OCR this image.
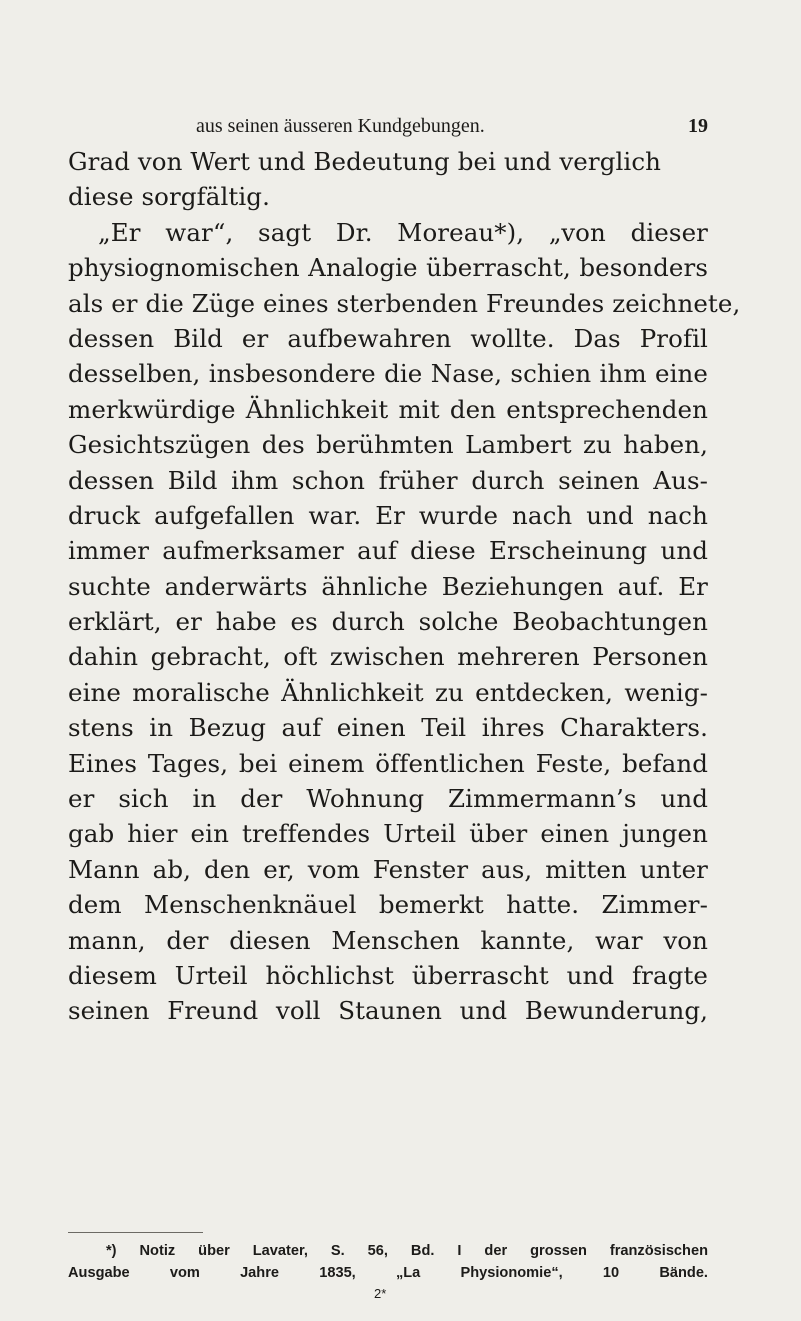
aus seinen äusseren Kundgebungen.	19
Grad von Wert und Bedeutung bei und verglich
diese sorgfältig.
„Er war“, sagt Dr. Moreau*), „von dieser
physiognomischen Analogie überrascht, besonders
als er die Züge eines sterbenden Freundes zeichnete,
dessen Bild er aufbewahren wollte. Das Profil
desselben, insbesondere die Nase, schien ihm eine
merkwürdige Ähnlichkeit mit den entsprechenden
Gesichtszügen des berühmten Lambert zu haben,
dessen Bild ihm schon früher durch seinen Aus-
druck aufgefallen war. Er wurde nach und nach
immer aufmerksamer auf diese Erscheinung und
suchte anderwärts ähnliche Beziehungen auf. Er
erklärt, er habe es durch solche Beobachtungen
dahin gebracht, oft zwischen mehreren Personen
eine moralische Ähnlichkeit zu entdecken, wenig-
stens in Bezug auf einen Teil ihres Charakters.
Eines Tages, bei einem öffentlichen Feste, befand
er sich in der Wohnung Zimmermann’s und
gab hier ein treffendes Urteil über einen jungen
Mann ab, den er, vom Fenster aus, mitten unter
dem Menschenknäuel bemerkt hatte. Zimmer-
mann, der diesen Menschen kannte, war von
diesem Urteil höchlichst überrascht und fragte
seinen Freund voll Staunen und Bewunderung,
*) Notiz über Lavater, S. 56, Bd. I der grossen französischen
Ausgabe vom Jahre 1835, „La Physionomie“, 10 Bände.
2*
